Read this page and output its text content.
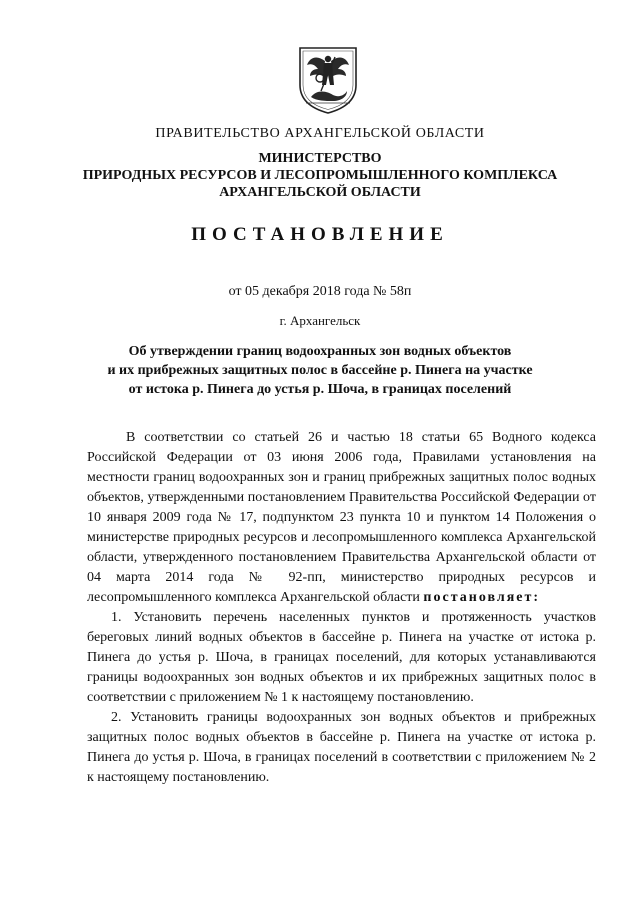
ПРАВИТЕЛЬСТВО АРХАНГЕЛЬСКОЙ ОБЛАСТИ
МИНИСТЕРСТВО
ПРИРОДНЫХ РЕСУРСОВ И ЛЕСОПРОМЫШЛЕННОГО КОМПЛЕКСА
АРХАНГЕЛЬСКОЙ ОБЛАСТИ
ПОСТАНОВЛЕНИЕ
от 05 декабря 2018 года № 58п
г. Архангельск
Об утверждении границ водоохранных зон водных объектов
и их прибрежных защитных полос в бассейне р. Пинега на участке
от истока р. Пинега до устья р. Шоча, в границах поселений

В соответствии со статьей 26 и частью 18 статьи 65 Водного кодекса Российской Федерации от 03 июня 2006 года, Правилами установления на местности границ водоохранных зон и границ прибрежных защитных полос водных объектов, утвержденными постановлением Правительства Российской Федерации от 10 января 2009 года № 17, подпунктом 23 пункта 10 и пунктом 14 Положения о министерстве природных ресурсов и лесопромышленного комплекса Архангельской области, утвержденного постановлением Правительства Архангельской области от 04 марта 2014 года № 92-пп, министерство природных ресурсов и лесопромышленного комплекса Архангельской области постановляет:

1. Установить перечень населенных пунктов и протяженность участков береговых линий водных объектов в бассейне р. Пинега на участке от истока р. Пинега до устья р. Шоча, в границах поселений, для которых устанавливаются границы водоохранных зон водных объектов и их прибрежных защитных полос в соответствии с приложением № 1 к настоящему постановлению.

2. Установить границы водоохранных зон водных объектов и прибрежных защитных полос водных объектов в бассейне р. Пинега на участке от истока р. Пинега до устья р. Шоча, в границах поселений в соответствии с приложением № 2 к настоящему постановлению.
